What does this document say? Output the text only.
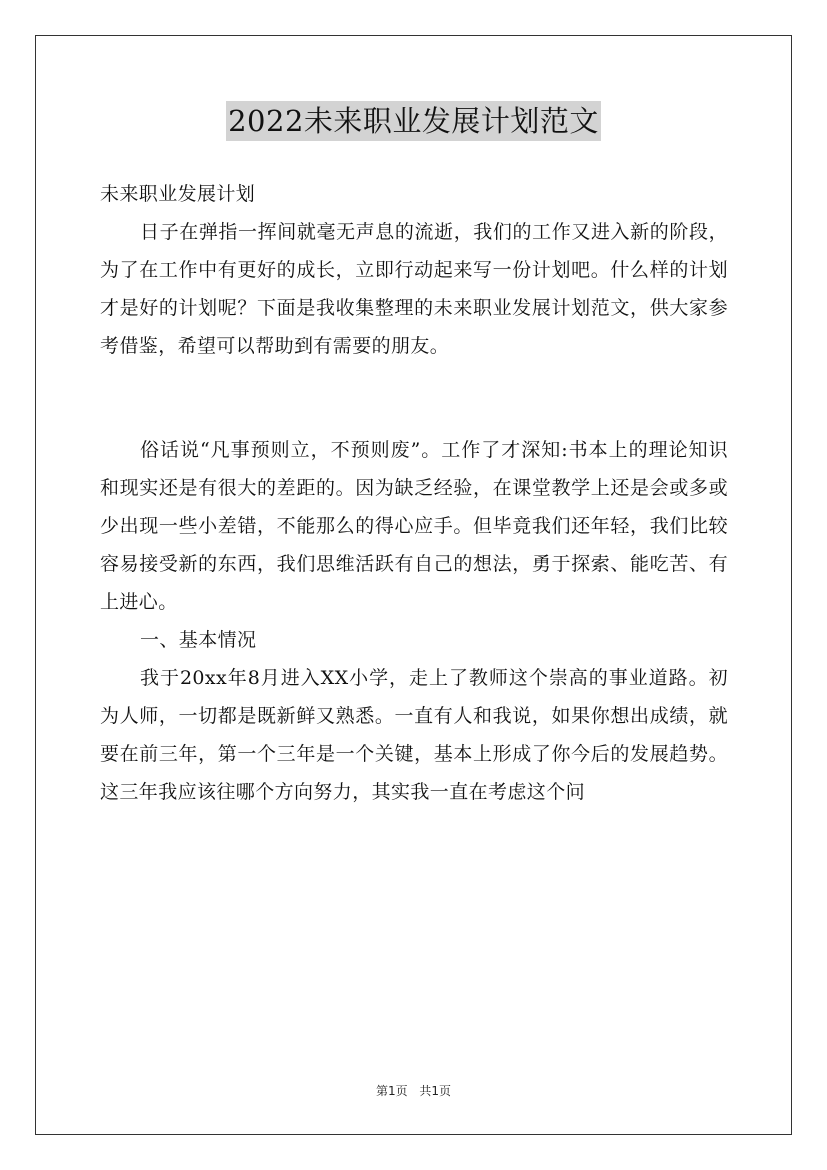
2022未来职业发展计划范文

未来职业发展计划

日子在弹指一挥间就毫无声息的流逝，我们的工作又进入新的阶段，为了在工作中有更好的成长，立即行动起来写一份计划吧。什么样的计划才是好的计划呢？下面是我收集整理的未来职业发展计划范文，供大家参考借鉴，希望可以帮助到有需要的朋友。

俗话说“凡事预则立，不预则废”。工作了才深知:书本上的理论知识和现实还是有很大的差距的。因为缺乏经验，在课堂教学上还是会或多或少出现一些小差错，不能那么的得心应手。但毕竟我们还年轻，我们比较容易接受新的东西，我们思维活跃有自己的想法，勇于探索、能吃苦、有上进心。

一、基本情况

我于20xx年8月进入XX小学，走上了教师这个崇高的事业道路。初为人师，一切都是既新鲜又熟悉。一直有人和我说，如果你想出成绩，就要在前三年，第一个三年是一个关键，基本上形成了你今后的发展趋势。这三年我应该往哪个方向努力，其实我一直在考虑这个问

第1页 共1页
